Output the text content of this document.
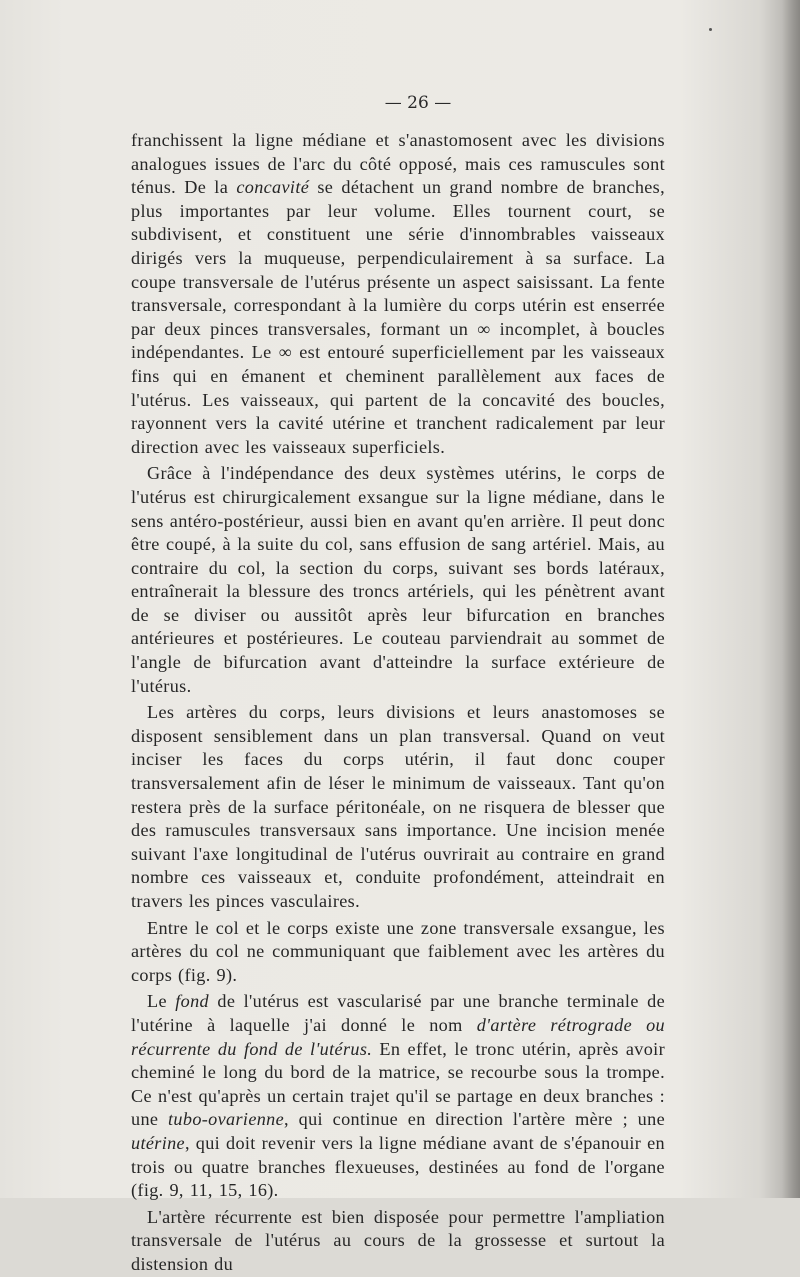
— 26 —

franchissent la ligne médiane et s'anastomosent avec les divisions analogues issues de l'arc du côté opposé, mais ces ramuscules sont ténus. De la concavité se détachent un grand nombre de branches, plus importantes par leur volume. Elles tournent court, se subdivisent, et constituent une série d'innombrables vaisseaux dirigés vers la muqueuse, perpendiculairement à sa surface. La coupe transversale de l'utérus présente un aspect saisissant. La fente transversale, correspondant à la lumière du corps utérin est enserrée par deux pinces transversales, formant un ∞ incomplet, à boucles indépendantes. Le ∞ est entouré superficiellement par les vaisseaux fins qui en émanent et cheminent parallèlement aux faces de l'utérus. Les vaisseaux, qui partent de la concavité des boucles, rayonnent vers la cavité utérine et tranchent radicalement par leur direction avec les vaisseaux superficiels.

Grâce à l'indépendance des deux systèmes utérins, le corps de l'utérus est chirurgicalement exsangue sur la ligne médiane, dans le sens antéro-postérieur, aussi bien en avant qu'en arrière. Il peut donc être coupé, à la suite du col, sans effusion de sang artériel. Mais, au contraire du col, la section du corps, suivant ses bords latéraux, entraînerait la blessure des troncs artériels, qui les pénètrent avant de se diviser ou aussitôt après leur bifurcation en branches antérieures et postérieures. Le couteau parviendrait au sommet de l'angle de bifurcation avant d'atteindre la surface extérieure de l'utérus.

Les artères du corps, leurs divisions et leurs anastomoses se disposent sensiblement dans un plan transversal. Quand on veut inciser les faces du corps utérin, il faut donc couper transversalement afin de léser le minimum de vaisseaux. Tant qu'on restera près de la surface péritonéale, on ne risquera de blesser que des ramuscules transversaux sans importance. Une incision menée suivant l'axe longitudinal de l'utérus ouvrirait au contraire en grand nombre ces vaisseaux et, conduite profondément, atteindrait en travers les pinces vasculaires.

Entre le col et le corps existe une zone transversale exsangue, les artères du col ne communiquant que faiblement avec les artères du corps (fig. 9).

Le fond de l'utérus est vascularisé par une branche terminale de l'utérine à laquelle j'ai donné le nom d'artère rétrograde ou récurrente du fond de l'utérus. En effet, le tronc utérin, après avoir cheminé le long du bord de la matrice, se recourbe sous la trompe. Ce n'est qu'après un certain trajet qu'il se partage en deux branches : une tubo-ovarienne, qui continue en direction l'artère mère ; une utérine, qui doit revenir vers la ligne médiane avant de s'épanouir en trois ou quatre branches flexueuses, destinées au fond de l'organe (fig. 9, 11, 15, 16).

L'artère récurrente est bien disposée pour permettre l'ampliation transversale de l'utérus au cours de la grossesse et surtout la distension du
